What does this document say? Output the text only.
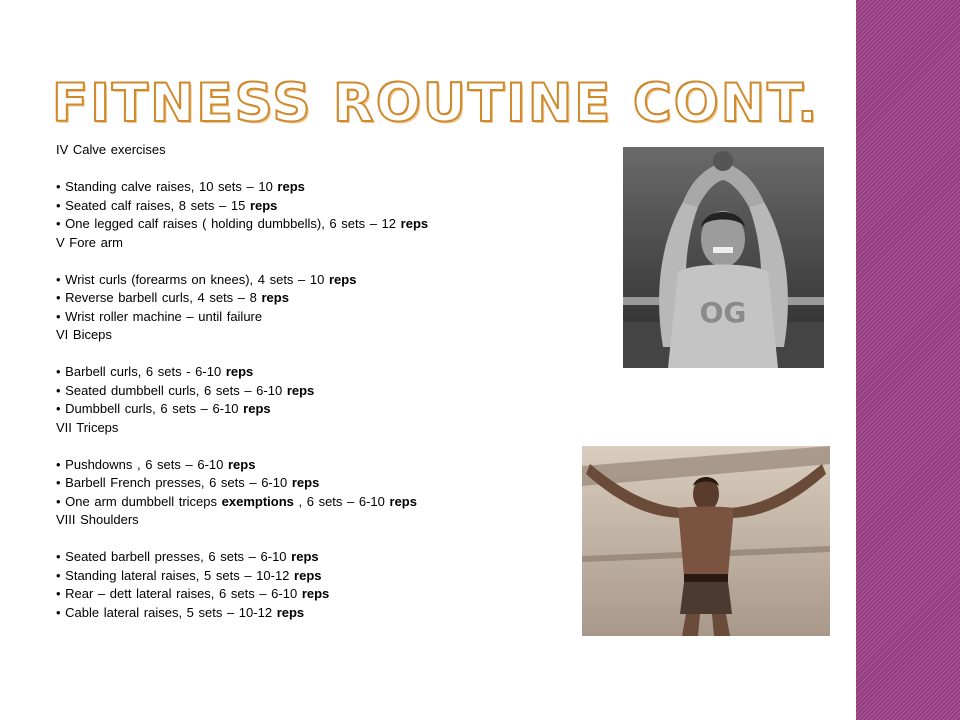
FITNESS ROUTINE CONT.
IV Calve exercises
• Standing calve raises, 10 sets – 10 reps
• Seated calf raises, 8 sets – 15 reps
• One legged calf raises ( holding dumbbells), 6 sets – 12 reps
V Fore arm
• Wrist curls (forearms on knees), 4 sets – 10 reps
• Reverse barbell curls, 4 sets – 8 reps
• Wrist roller machine – until failure
VI Biceps
• Barbell curls, 6 sets - 6-10 reps
• Seated dumbbell curls, 6 sets – 6-10 reps
• Dumbbell curls, 6 sets – 6-10 reps
VII Triceps
• Pushdowns , 6 sets – 6-10 reps
• Barbell French presses, 6 sets – 6-10 reps
• One arm dumbbell triceps exemptions , 6 sets – 6-10 reps
VIII Shoulders
• Seated barbell presses, 6 sets – 6-10 reps
• Standing lateral raises, 5 sets – 10-12 reps
• Rear – dett lateral raises, 6 sets – 6-10 reps
• Cable lateral raises, 5 sets – 10-12 reps
OG
